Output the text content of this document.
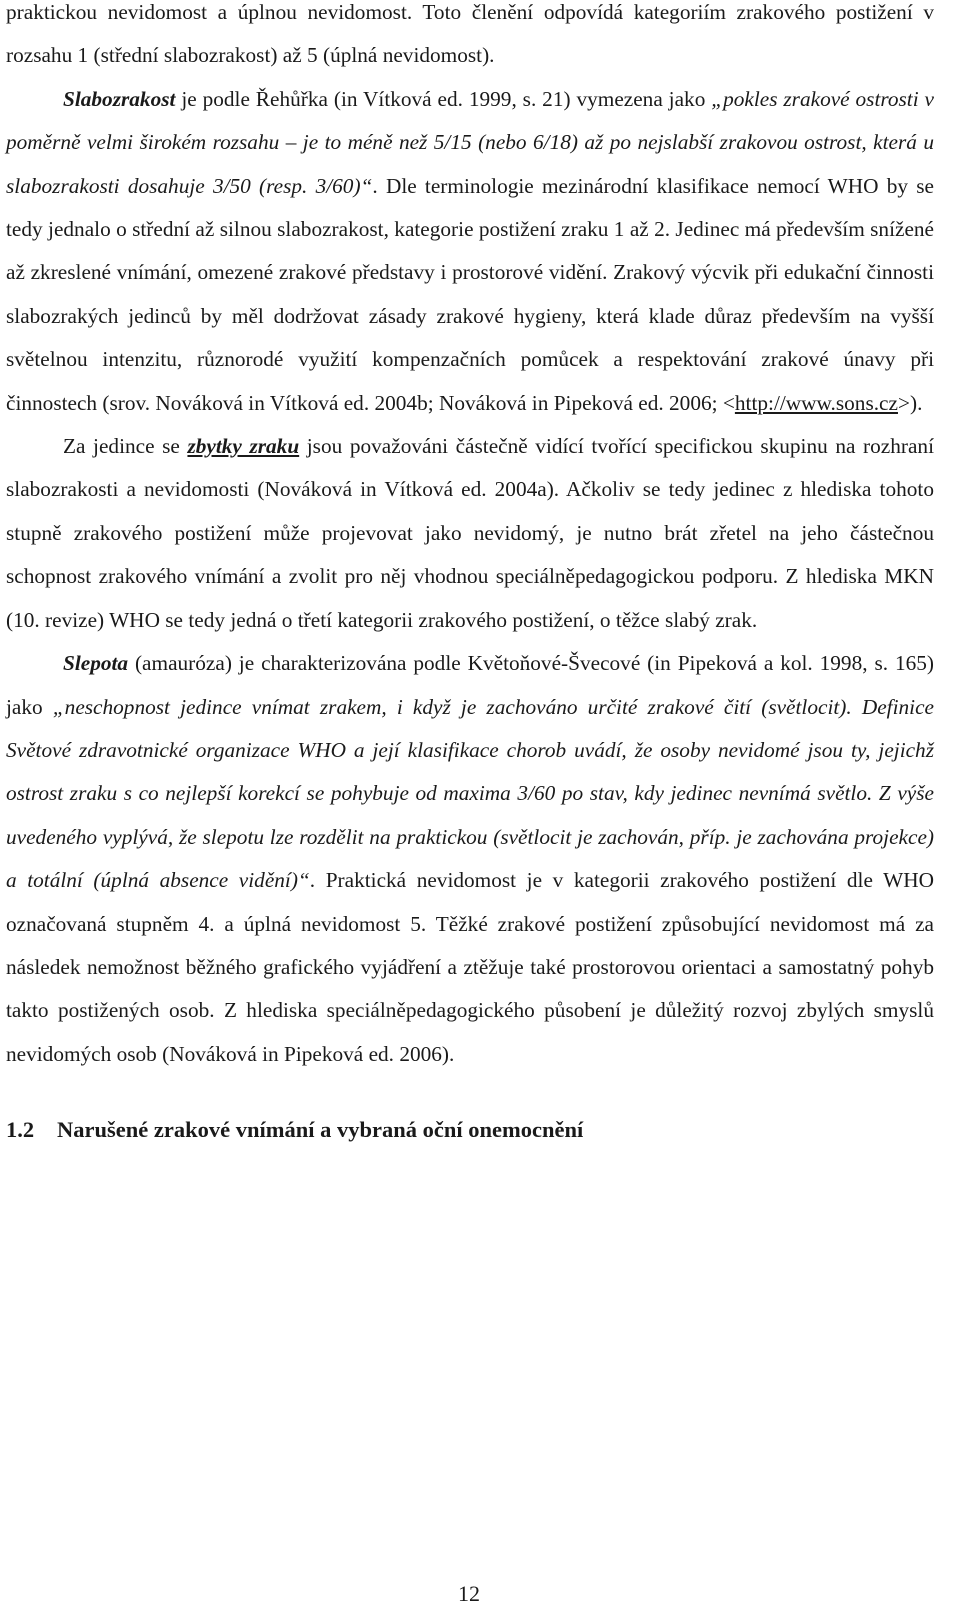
praktickou nevidomost a úplnou nevidomost. Toto členění odpovídá kategoriím zrakového postižení v rozsahu 1 (střední slabozrakost) až 5 (úplná nevidomost).

Slabozrakost je podle Řehůřka (in Vítková ed. 1999, s. 21) vymezena jako „pokles zrakové ostrosti v poměrně velmi širokém rozsahu – je to méně než 5/15 (nebo 6/18) až po nejslabší zrakovou ostrost, která u slabozrakosti dosahuje 3/50 (resp. 3/60)“. Dle terminologie mezinárodní klasifikace nemocí WHO by se tedy jednalo o střední až silnou slabozrakost, kategorie postižení zraku 1 až 2. Jedinec má především snížené až zkreslené vnímání, omezené zrakové představy i prostorové vidění. Zrakový výcvik při edukační činnosti slabozrakých jedinců by měl dodržovat zásady zrakové hygieny, která klade důraz především na vyšší světelnou intenzitu, různorodé využití kompenzačních pomůcek a respektování zrakové únavy při činnostech (srov. Nováková in Vítková ed. 2004b; Nováková in Pipeková ed. 2006; <http://www.sons.cz>).

Za jedince se zbytky zraku jsou považováni částečně vidící tvořící specifickou skupinu na rozhraní slabozrakosti a nevidomosti (Nováková in Vítková ed. 2004a). Ačkoliv se tedy jedinec z hlediska tohoto stupně zrakového postižení může projevovat jako nevidomý, je nutno brát zřetel na jeho částečnou schopnost zrakového vnímání a zvolit pro něj vhodnou speciálněpedagogickou podporu. Z hlediska MKN (10. revize) WHO se tedy jedná o třetí kategorii zrakového postižení, o těžce slabý zrak.

Slepota (amauróza) je charakterizována podle Květoňové-Švecové (in Pipeková a kol. 1998, s. 165) jako „neschopnost jedince vnímat zrakem, i když je zachováno určité zrakové čití (světlocit). Definice Světové zdravotnické organizace WHO a její klasifikace chorob uvádí, že osoby nevidomé jsou ty, jejichž ostrost zraku s co nejlepší korekcí se pohybuje od maxima 3/60 po stav, kdy jedinec nevnímá světlo. Z výše uvedeného vyplývá, že slepotu lze rozdělit na praktickou (světlocit je zachován, příp. je zachována projekce) a totální (úplná absence vidění)“. Praktická nevidomost je v kategorii zrakového postižení dle WHO označovaná stupněm 4. a úplná nevidomost 5. Těžké zrakové postižení způsobující nevidomost má za následek nemožnost běžného grafického vyjádření a ztěžuje také prostorovou orientaci a samostatný pohyb takto postižených osob. Z hlediska speciálněpedagogického působení je důležitý rozvoj zbylých smyslů nevidomých osob (Nováková in Pipeková ed. 2006).

1.2 Narušené zrakové vnímání a vybraná oční onemocnění
12
